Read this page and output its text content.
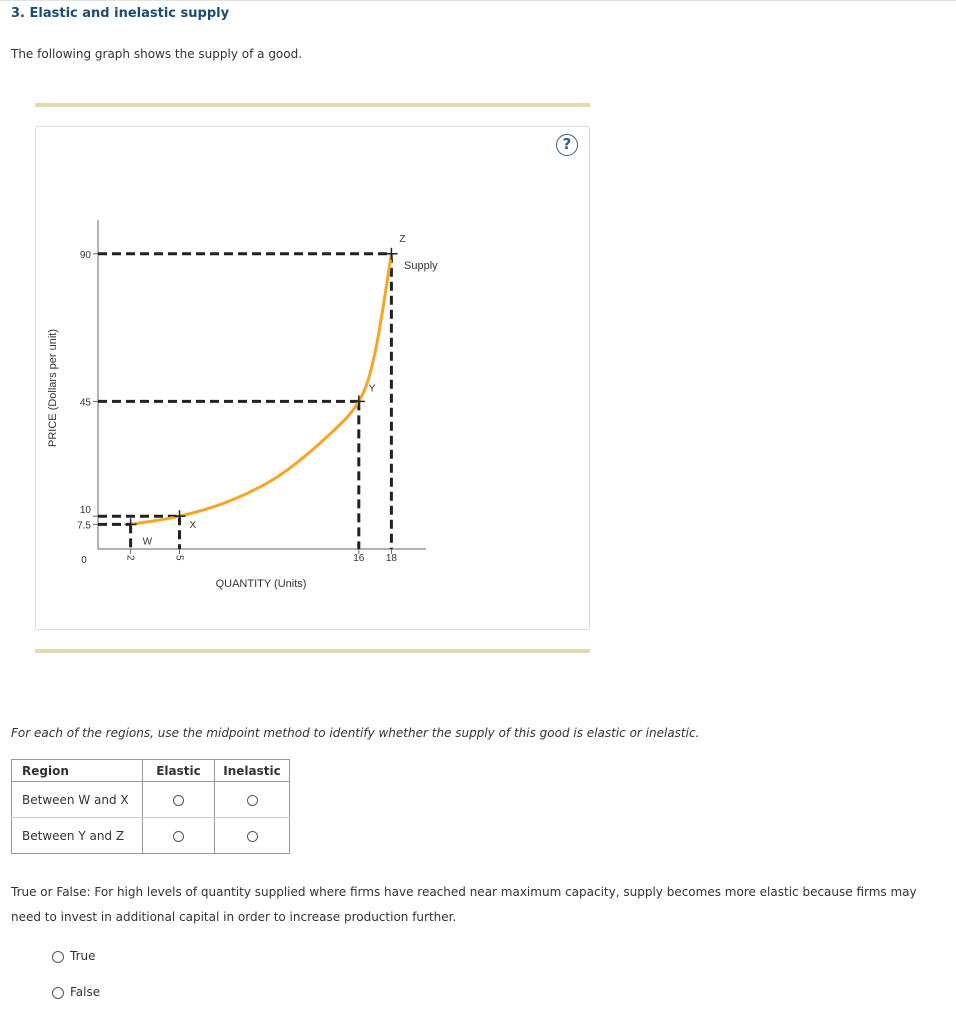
3. Elastic and inelastic supply
The following graph shows the supply of a good.
?
7.5
10
45
90
0	2	5	16 18
QUANTITY (Units)
PRICE (Dollars per unit)
W
X
Y
Z
Supply
For each of the regions, use the midpoint method to identify whether the supply of this good is elastic or inelastic.
Region	Elastic	Inelastic
Between W and X		
Between Y and Z		
True or False: For high levels of quantity supplied where firms have reached near maximum capacity, supply becomes more elastic because firms may need to invest in additional capital in order to increase production further.
True
False
